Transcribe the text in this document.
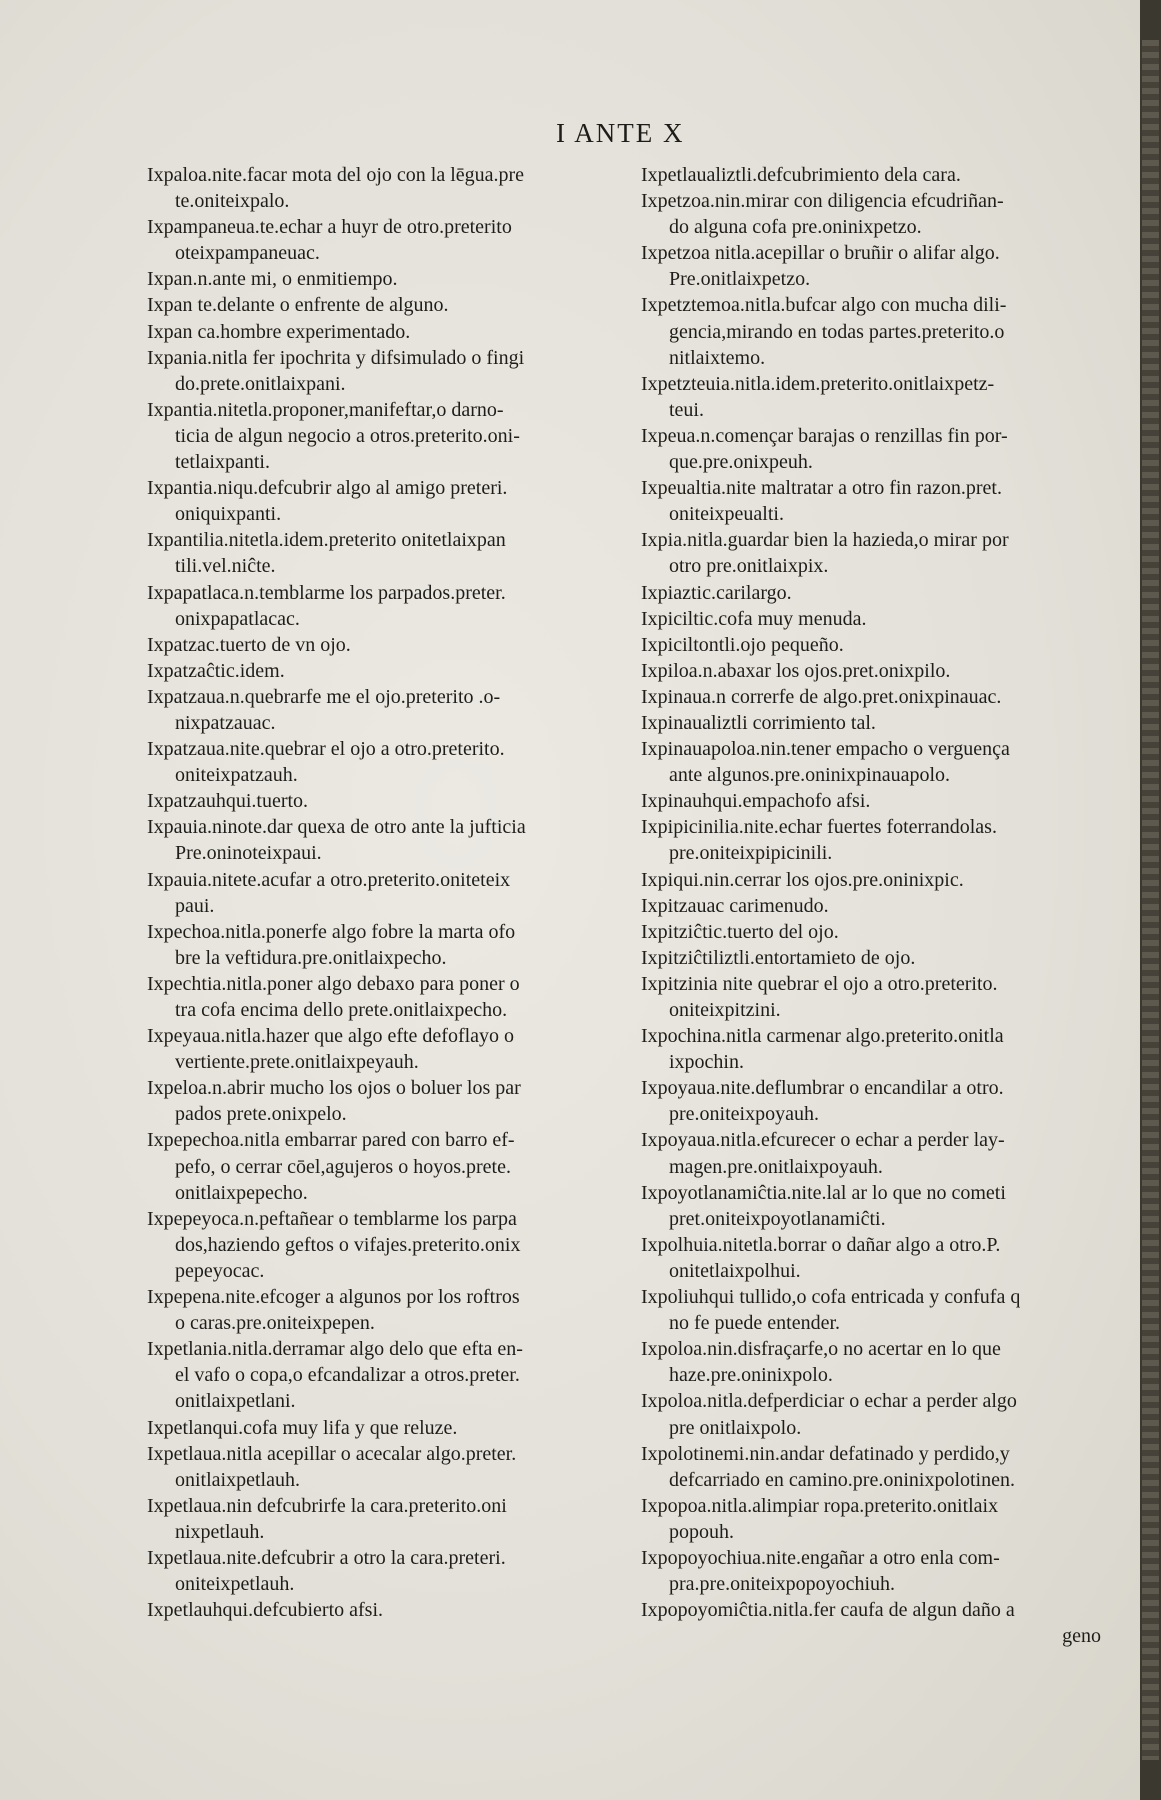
I ANTE X
Ixpaloa.nite.facar mota del ojo con la lēgua.pre
te.oniteixpalo.
Ixpampaneua.te.echar a huyr de otro.preterito
oteixpampaneuac.
Ixpan.n.ante mi, o enmitiempo.
Ixpan te.delante o enfrente de alguno.
Ixpan ca.hombre experimentado.
Ixpania.nitla fer ipochrita y difsimulado o fingi
do.prete.onitlaixpani.
Ixpantia.nitetla.proponer,manifeftar,o darno-
ticia de algun negocio a otros.preterito.oni-
tetlaixpanti.
Ixpantia.niqu.defcubrir algo al amigo preteri.
oniquixpanti.
Ixpantilia.nitetla.idem.preterito onitetlaixpan
tili.vel.niĉte.
Ixpapatlaca.n.temblarme los parpados.preter.
onixpapatlacac.
Ixpatzac.tuerto de vn ojo.
Ixpatzaĉtic.idem.
Ixpatzaua.n.quebrarfe me el ojo.preterito .o-
nixpatzauac.
Ixpatzaua.nite.quebrar el ojo a otro.preterito.
oniteixpatzauh.
Ixpatzauhqui.tuerto.
Ixpauia.ninote.dar quexa de otro ante la jufticia
Pre.oninoteixpaui.
Ixpauia.nitete.acufar a otro.preterito.oniteteix
paui.
Ixpechoa.nitla.ponerfe algo fobre la marta ofo
bre la veftidura.pre.onitlaixpecho.
Ixpechtia.nitla.poner algo debaxo para poner o
tra cofa encima dello prete.onitlaixpecho.
Ixpeyaua.nitla.hazer que algo efte defoflayo o
vertiente.prete.onitlaixpeyauh.
Ixpeloa.n.abrir mucho los ojos o boluer los par
pados prete.onixpelo.
Ixpepechoa.nitla embarrar pared con barro ef-
pefo, o cerrar cōel,agujeros o hoyos.prete.
onitlaixpepecho.
Ixpepeyoca.n.peftañear o temblarme los parpa
dos,haziendo geftos o vifajes.preterito.onix
pepeyocac.
Ixpepena.nite.efcoger a algunos por los roftros
o caras.pre.oniteixpepen.
Ixpetlania.nitla.derramar algo delo que efta en-
el vafo o copa,o efcandalizar a otros.preter.
onitlaixpetlani.
Ixpetlanqui.cofa muy lifa y que reluze.
Ixpetlaua.nitla acepillar o acecalar algo.preter.
onitlaixpetlauh.
Ixpetlaua.nin defcubrirfe la cara.preterito.oni
nixpetlauh.
Ixpetlaua.nite.defcubrir a otro la cara.preteri.
oniteixpetlauh.
Ixpetlauhqui.defcubierto afsi.
Ixpetlaualiztli.defcubrimiento dela cara.
Ixpetzoa.nin.mirar con diligencia efcudriñan-
do alguna cofa pre.oninixpetzo.
Ixpetzoa nitla.acepillar o bruñir o alifar algo.
Pre.onitlaixpetzo.
Ixpetztemoa.nitla.bufcar algo con mucha dili-
gencia,mirando en todas partes.preterito.o
nitlaixtemo.
Ixpetzteuia.nitla.idem.preterito.onitlaixpetz-
teui.
Ixpeua.n.començar barajas o renzillas fin por-
que.pre.onixpeuh.
Ixpeualtia.nite maltratar a otro fin razon.pret.
oniteixpeualti.
Ixpia.nitla.guardar bien la hazieda,o mirar por
otro pre.onitlaixpix.
Ixpiaztic.carilargo.
Ixpiciltic.cofa muy menuda.
Ixpiciltontli.ojo pequeño.
Ixpiloa.n.abaxar los ojos.pret.onixpilo.
Ixpinaua.n correrfe de algo.pret.onixpinauac.
Ixpinaualiztli corrimiento tal.
Ixpinauapoloa.nin.tener empacho o verguença
ante algunos.pre.oninixpinauapolo.
Ixpinauhqui.empachofo afsi.
Ixpipicinilia.nite.echar fuertes foterrandolas.
pre.oniteixpipicinili.
Ixpiqui.nin.cerrar los ojos.pre.oninixpic.
Ixpitzauac carimenudo.
Ixpitziĉtic.tuerto del ojo.
Ixpitziĉtiliztli.entortamieto de ojo.
Ixpitzinia nite quebrar el ojo a otro.preterito.
oniteixpitzini.
Ixpochina.nitla carmenar algo.preterito.onitla
ixpochin.
Ixpoyaua.nite.deflumbrar o encandilar a otro.
pre.oniteixpoyauh.
Ixpoyaua.nitla.efcurecer o echar a perder lay-
magen.pre.onitlaixpoyauh.
Ixpoyotlanamiĉtia.nite.lal ar lo que no cometi
pret.oniteixpoyotlanamiĉti.
Ixpolhuia.nitetla.borrar o dañar algo a otro.P.
onitetlaixpolhui.
Ixpoliuhqui tullido,o cofa entricada y confufa q
no fe puede entender.
Ixpoloa.nin.disfraçarfe,o no acertar en lo que
haze.pre.oninixpolo.
Ixpoloa.nitla.defperdiciar o echar a perder algo
pre onitlaixpolo.
Ixpolotinemi.nin.andar defatinado y perdido,y
defcarriado en camino.pre.oninixpolotinen.
Ixpopoa.nitla.alimpiar ropa.preterito.onitlaix
popouh.
Ixpopoyochiua.nite.engañar a otro enla com-
pra.pre.oniteixpopoyochiuh.
Ixpopoyomiĉtia.nitla.fer caufa de algun daño a
geno
